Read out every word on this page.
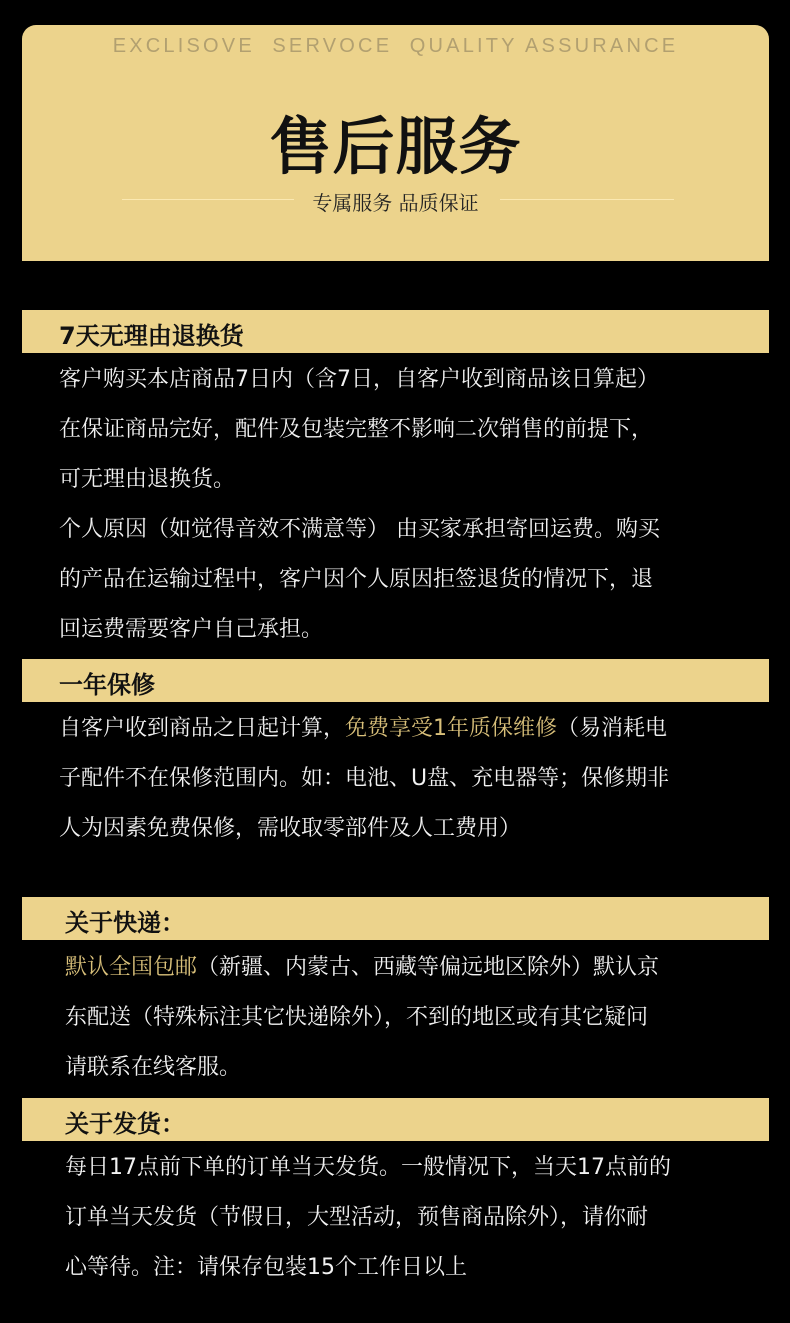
EXCLISOVE  SERVOCE  QUALITY ASSURANCE
售后服务
专属服务 品质保证
7天无理由退换货
客户购买本店商品7日内（含7日，自客户收到商品该日算起）
在保证商品完好，配件及包装完整不影响二次销售的前提下，
可无理由退换货。
个人原因（如觉得音效不满意等） 由买家承担寄回运费。购买
的产品在运输过程中，客户因个人原因拒签退货的情况下，退
回运费需要客户自己承担。
一年保修
自客户收到商品之日起计算，免费享受1年质保维修（易消耗电
子配件不在保修范围内。如：电池、U盘、充电器等；保修期非
人为因素免费保修，需收取零部件及人工费用）
关于快递：
默认全国包邮（新疆、内蒙古、西藏等偏远地区除外）默认京
东配送（特殊标注其它快递除外），不到的地区或有其它疑问
请联系在线客服。
关于发货：
每日17点前下单的订单当天发货。一般情况下，当天17点前的
订单当天发货（节假日，大型活动，预售商品除外），请你耐
心等待。注：请保存包装15个工作日以上
